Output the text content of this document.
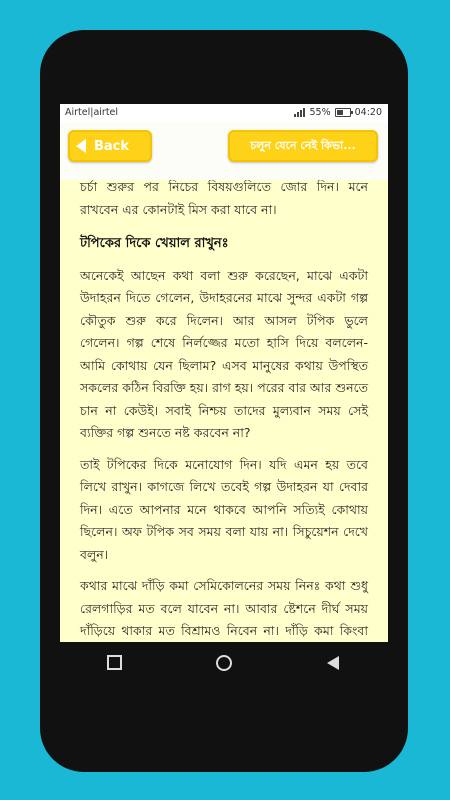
Airtel|airtel	55%	04:20
Back	চলুন যেনে নেই কিভা...

চর্চা শুরুর পর নিচের বিষয়গুলিতে জোর দিন। মনে রাখবেন এর কোনটাই মিস করা যাবে না।

টপিকের দিকে খেয়াল রাখুনঃ

অনেকেই আছেন কথা বলা শুরু করেছেন, মাঝে একটা উদাহরন দিতে গেলেন, উদাহরনের মাঝে সুন্দর একটা গল্প কৌতুক শুরু করে দিলেন। আর আসল টপিক ভুলে গেলেন। গল্প শেষে নির্লজ্জের মতো হাসি দিয়ে বললেন- আমি কোথায় যেন ছিলাম? এসব মানুষের কথায় উপস্থিত সকলের কঠিন বিরক্তি হয়। রাগ হয়। পরের বার আর শুনতে চান না কেউই। সবাই নিশ্চয় তাদের মুল্যবান সময় সেই ব্যক্তির গল্প শুনতে নষ্ট করবেন না?

তাই টপিকের দিকে মনোযোগ দিন। যদি এমন হয় তবে লিখে রাখুন। কাগজে লিখে তবেই গল্প উদাহরন যা দেবার দিন। এতে আপনার মনে থাকবে আপনি সত্যিই কোথায় ছিলেন। অফ টপিক সব সময় বলা যায় না। সিচুয়েশন দেখে বলুন।

কথার মাঝে দাঁড়ি কমা সেমিকোলনের সময় নিনঃ কথা শুধু রেলগাড়ির মত বলে যাবেন না। আবার ষ্টেশনে দীর্ঘ সময় দাঁড়িয়ে থাকার মত বিশ্রামও নিবেন না। দাঁড়ি কমা কিংবা
